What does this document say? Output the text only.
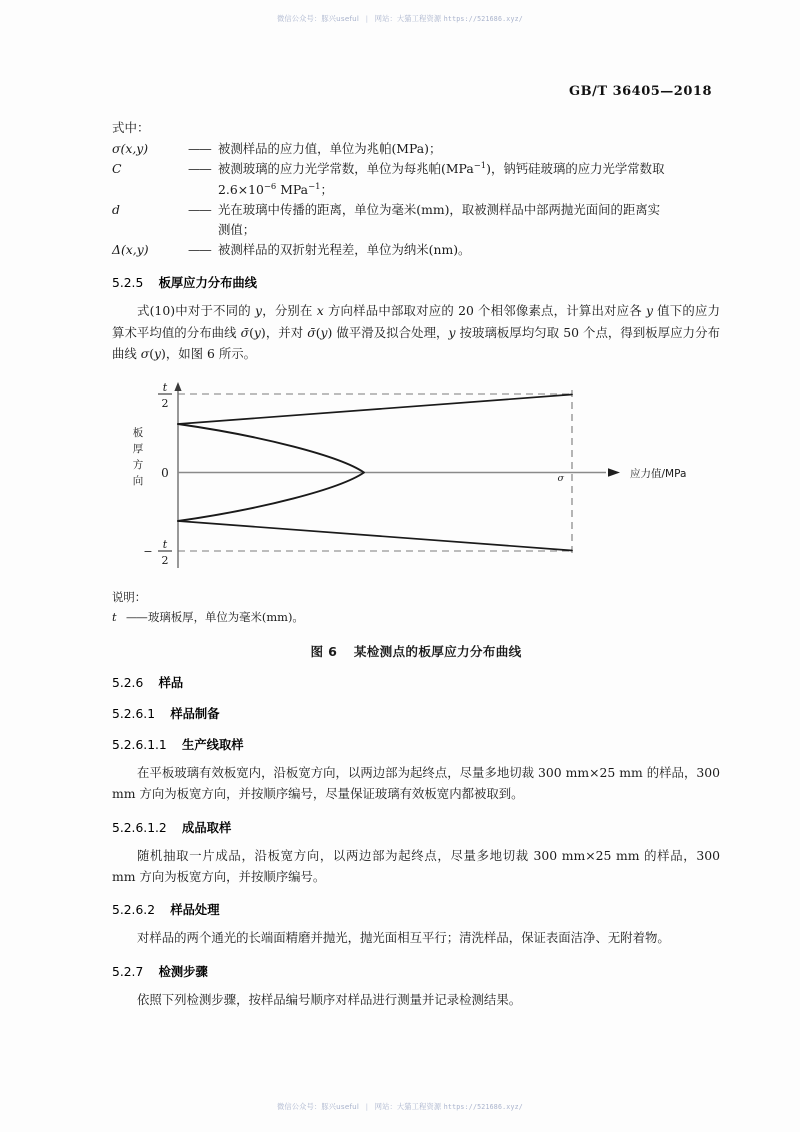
微信公众号：豚兴useful | 网站：大猫工程资源 https://521686.xyz/
GB/T 36405—2018

式中：

σ(x,y)	—— 被测样品的应力值，单位为兆帕(MPa)；
C	—— 被测玻璃的应力光学常数，单位为每兆帕(MPa$^{-1}$)，钠钙硅玻璃的应力光学常数取
$2.6\times 10^{-6}$ MPa$^{-1}$；
d	—— 光在玻璃中传播的距离，单位为毫米(mm)，取被测样品中部两抛光面间的距离实
测值；
Δ(x,y)	—— 被测样品的双折射光程差，单位为纳米(nm)。
5.2.5 板厚应力分布曲线

式(10)中对于不同的 y，分别在 x 方向样品中部取对应的 20 个相邻像素点，计算出对应各 y 值下的应力算术平均值的分布曲线 σ̄(y)，并对 σ̄(y) 做平滑及拟合处理，y 按玻璃板厚均匀取 50 个点，得到板厚应力分布曲线 σ(y)，如图 6 所示。

t
2
0
−
t
2
σ
板
厚
方
向
应力值/MPa
说明：
t —— 玻璃板厚，单位为毫米(mm)。
图 6 某检测点的板厚应力分布曲线
5.2.6 样品
5.2.6.1 样品制备
5.2.6.1.1 生产线取样

在平板玻璃有效板宽内，沿板宽方向，以两边部为起终点，尽量多地切裁 300 mm×25 mm 的样品，300 mm 方向为板宽方向，并按顺序编号，尽量保证玻璃有效板宽内都被取到。

5.2.6.1.2 成品取样

随机抽取一片成品，沿板宽方向，以两边部为起终点，尽量多地切裁 300 mm×25 mm 的样品，300 mm 方向为板宽方向，并按顺序编号。

5.2.6.2 样品处理

对样品的两个通光的长端面精磨并抛光，抛光面相互平行；清洗样品，保证表面洁净、无附着物。

5.2.7 检测步骤

依照下列检测步骤，按样品编号顺序对样品进行测量并记录检测结果。

微信公众号：豚兴useful | 网站：大猫工程资源 https://521686.xyz/
